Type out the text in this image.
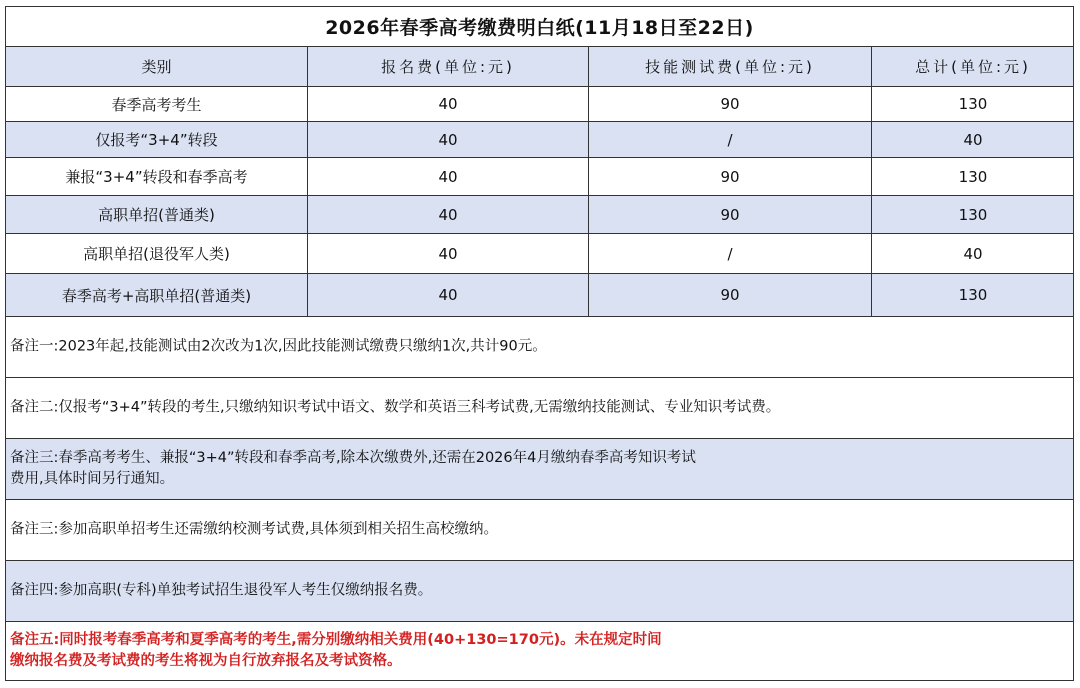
2026年春季高考缴费明白纸(11月18日至22日)
类别	报名费(单位:元)	技能测试费(单位:元)	总计(单位:元)
春季高考考生	40	90	130
仅报考“3+4”转段	40	/	40
兼报“3+4”转段和春季高考	40	90	130
高职单招(普通类)	40	90	130
高职单招(退役军人类)	40	/	40
春季高考+高职单招(普通类)	40	90	130
备注一:2023年起,技能测试由2次改为1次,因此技能测试缴费只缴纳1次,共计90元。
备注二:仅报考“3+4”转段的考生,只缴纳知识考试中语文、数学和英语三科考试费,无需缴纳技能测试、专业知识考试费。
备注三:春季高考考生、兼报“3+4”转段和春季高考,除本次缴费外,还需在2026年4月缴纳春季高考知识考试
费用,具体时间另行通知。
备注三:参加高职单招考生还需缴纳校测考试费,具体须到相关招生高校缴纳。
备注四:参加高职(专科)单独考试招生退役军人考生仅缴纳报名费。
备注五:同时报考春季高考和夏季高考的考生,需分别缴纳相关费用(40+130=170元)。未在规定时间
缴纳报名费及考试费的考生将视为自行放弃报名及考试资格。
